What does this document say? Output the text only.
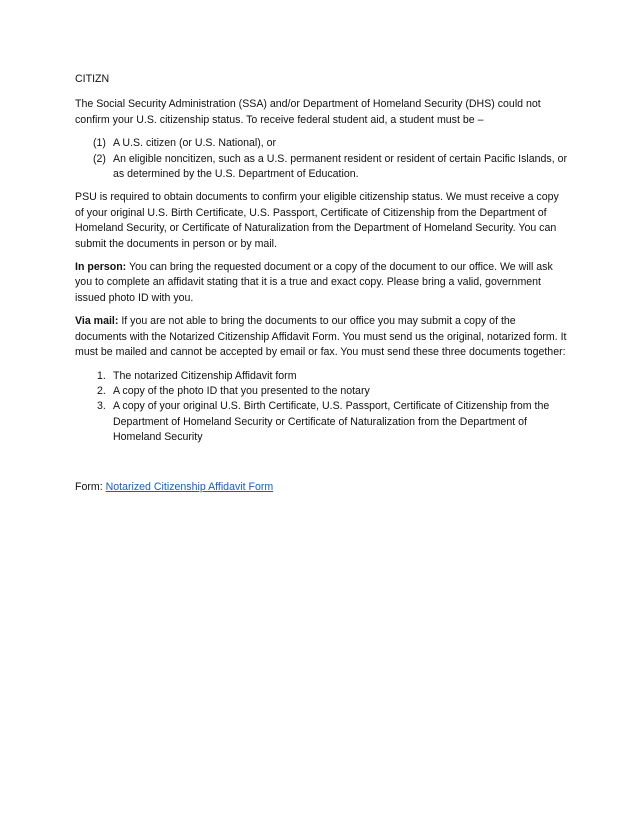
CITIZN

The Social Security Administration (SSA) and/or Department of Homeland Security (DHS) could not confirm your U.S. citizenship status. To receive federal student aid, a student must be –

(1) A U.S. citizen (or U.S. National), or
(2) An eligible noncitizen, such as a U.S. permanent resident or resident of certain Pacific Islands, or as determined by the U.S. Department of Education.

PSU is required to obtain documents to confirm your eligible citizenship status. We must receive a copy of your original U.S. Birth Certificate, U.S. Passport, Certificate of Citizenship from the Department of Homeland Security, or Certificate of Naturalization from the Department of Homeland Security. You can submit the documents in person or by mail.

In person: You can bring the requested document or a copy of the document to our office. We will ask you to complete an affidavit stating that it is a true and exact copy. Please bring a valid, government issued photo ID with you.

Via mail: If you are not able to bring the documents to our office you may submit a copy of the documents with the Notarized Citizenship Affidavit Form. You must send us the original, notarized form. It must be mailed and cannot be accepted by email or fax. You must send these three documents together:

1. The notarized Citizenship Affidavit form
2. A copy of the photo ID that you presented to the notary
3. A copy of your original U.S. Birth Certificate, U.S. Passport, Certificate of Citizenship from the Department of Homeland Security or Certificate of Naturalization from the Department of Homeland Security

Form: Notarized Citizenship Affidavit Form
